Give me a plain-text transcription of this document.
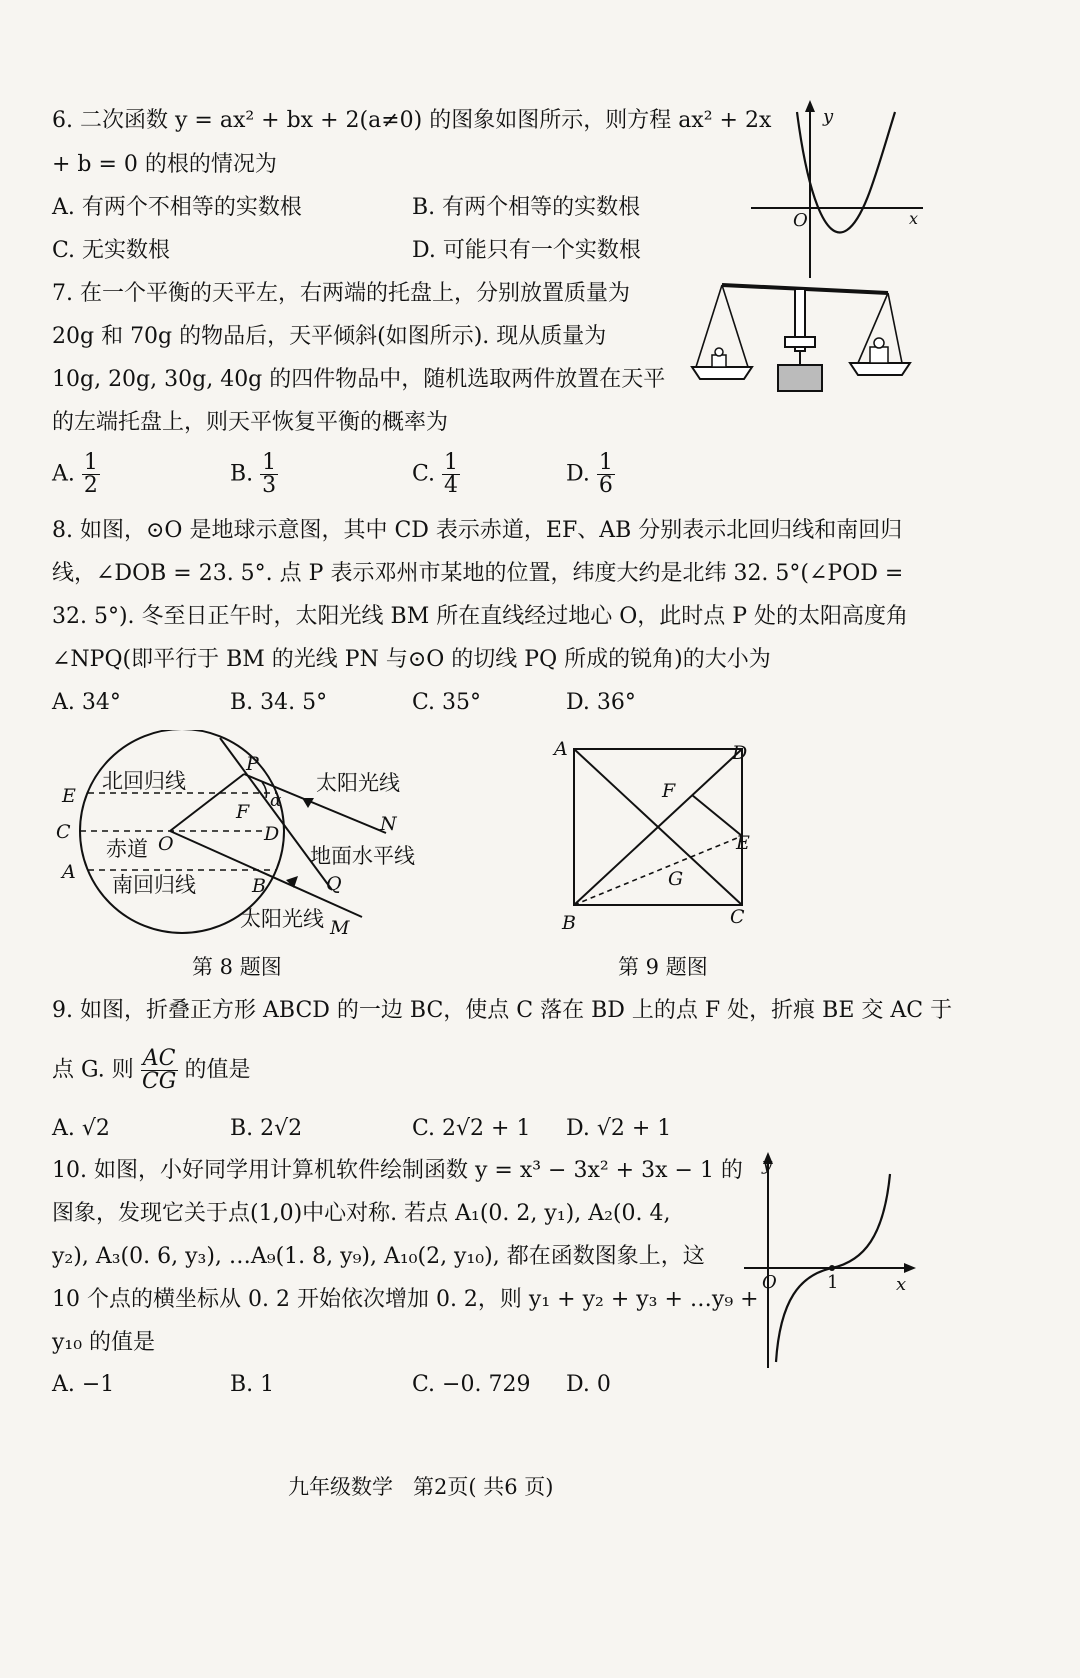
6. 二次函数 y = ax² + bx + 2(a≠0) 的图象如图所示，则方程 ax² + 2x
+ b = 0 的根的情况为
A. 有两个不相等的实数根	B. 有两个相等的实数根
C. 无实数根	D. 可能只有一个实数根
y
O	x
7. 在一个平衡的天平左，右两端的托盘上，分别放置质量为
20g 和 70g 的物品后，天平倾斜(如图所示). 现从质量为
10g, 20g, 30g, 40g 的四件物品中，随机选取两件放置在天平
的左端托盘上，则天平恢复平衡的概率为
A. $\frac{1}{2}$	B. $\frac{1}{3}$	C. $\frac{1}{4}$	D. $\frac{1}{6}$
8. 如图，⊙O 是地球示意图，其中 CD 表示赤道，EF、AB 分别表示北回归线和南回归
线，∠DOB = 23. 5°. 点 P 表示邓州市某地的位置，纬度大约是北纬 32. 5°(∠POD =
32. 5°). 冬至日正午时，太阳光线 BM 所在直线经过地心 O，此时点 P 处的太阳高度角
∠NPQ(即平行于 BM 的光线 PN 与⊙O 的切线 PQ 所成的锐角)的大小为
A. 34°	B. 34. 5°	C. 35°	D. 36°
北回归线
赤道
南回归线
太阳光线
地面水平线
太阳光线
E
C
A
O
P
F
D
B	Q
N
M
α
第 8 题图
A	D
F
E
G
B	C
第 9 题图
9. 如图，折叠正方形 ABCD 的一边 BC，使点 C 落在 BD 上的点 F 处，折痕 BE 交 AC 于
点 G. 则 $\frac{AC}{CG}$ 的值是
A. √2	B. 2√2	C. 2√2 + 1 D. √2 + 1
10. 如图，小好同学用计算机软件绘制函数 y = x³ − 3x² + 3x − 1 的
图象，发现它关于点(1,0)中心对称. 若点 A₁(0. 2, y₁), A₂(0. 4,
y₂), A₃(0. 6, y₃), …A₉(1. 8, y₉), A₁₀(2, y₁₀), 都在函数图象上，这
10 个点的横坐标从 0. 2 开始依次增加 0. 2，则 y₁ + y₂ + y₃ + …y₉ +
y₁₀ 的值是
A. −1	B. 1	C. −0. 729 D. 0
y
O	1	x
九年级数学   第2页( 共6 页)
